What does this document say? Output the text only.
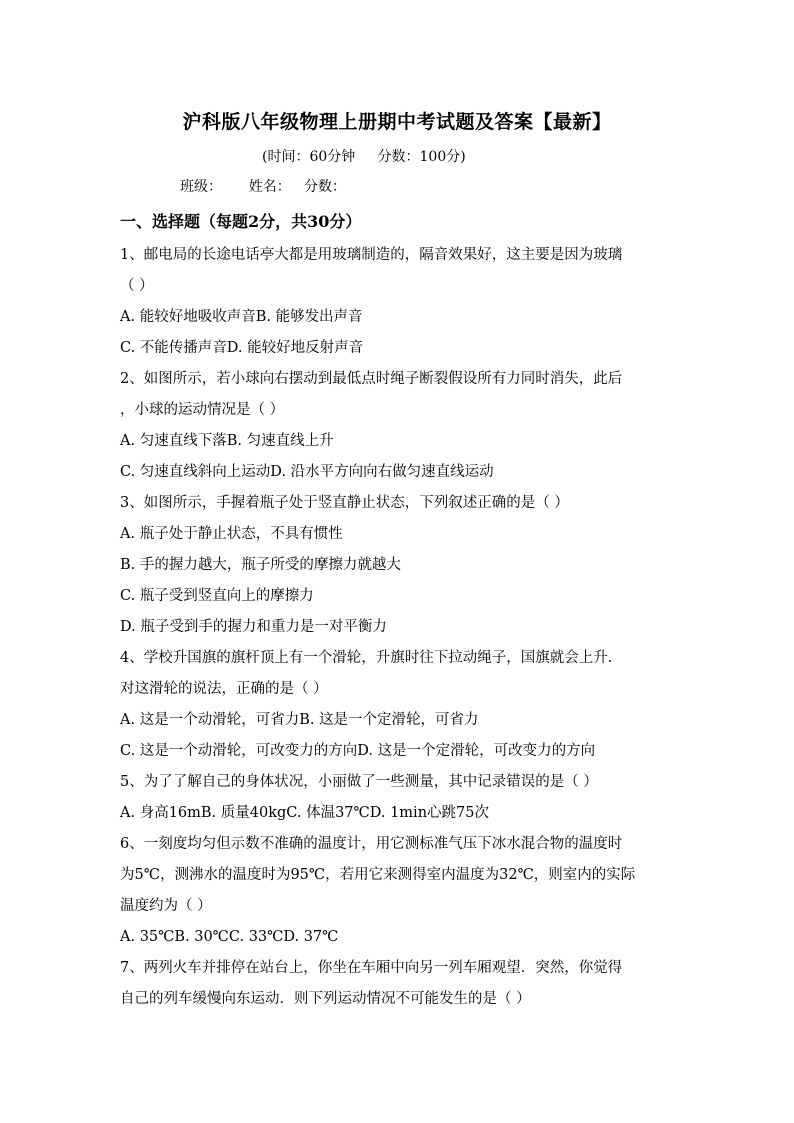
沪科版八年级物理上册期中考试题及答案【最新】
(时间：60分钟     分数：100分)
班级：      姓名：   分数：
一、选择题（每题2分，共30分）
1、邮电局的长途电话亭大都是用玻璃制造的，隔音效果好，这主要是因为玻璃
（ ）
A. 能较好地吸收声音B. 能够发出声音
C. 不能传播声音D. 能较好地反射声音
2、如图所示，若小球向右摆动到最低点时绳子断裂假设所有力同时消失，此后
，小球的运动情况是（ ）
A. 匀速直线下落B. 匀速直线上升
C. 匀速直线斜向上运动D. 沿水平方向向右做匀速直线运动
3、如图所示，手握着瓶子处于竖直静止状态，下列叙述正确的是（ ）
A. 瓶子处于静止状态，不具有惯性
B. 手的握力越大，瓶子所受的摩擦力就越大
C. 瓶子受到竖直向上的摩擦力
D. 瓶子受到手的握力和重力是一对平衡力
4、学校升国旗的旗杆顶上有一个滑轮，升旗时往下拉动绳子，国旗就会上升.
对这滑轮的说法，正确的是（ ）
A. 这是一个动滑轮，可省力B. 这是一个定滑轮，可省力
C. 这是一个动滑轮，可改变力的方向D. 这是一个定滑轮，可改变力的方向
5、为了了解自己的身体状况，小丽做了一些测量，其中记录错误的是（ ）
A. 身高16mB. 质量40kgC. 体温37℃D. 1min心跳75次
6、一刻度均匀但示数不准确的温度计，用它测标准气压下冰水混合物的温度时
为5℃，测沸水的温度时为95℃，若用它来测得室内温度为32℃，则室内的实际
温度约为（ ）
A. 35℃B. 30℃C. 33℃D. 37℃
7、两列火车并排停在站台上，你坐在车厢中向另一列车厢观望．突然，你觉得
自己的列车缓慢向东运动．则下列运动情况不可能发生的是（ ）
